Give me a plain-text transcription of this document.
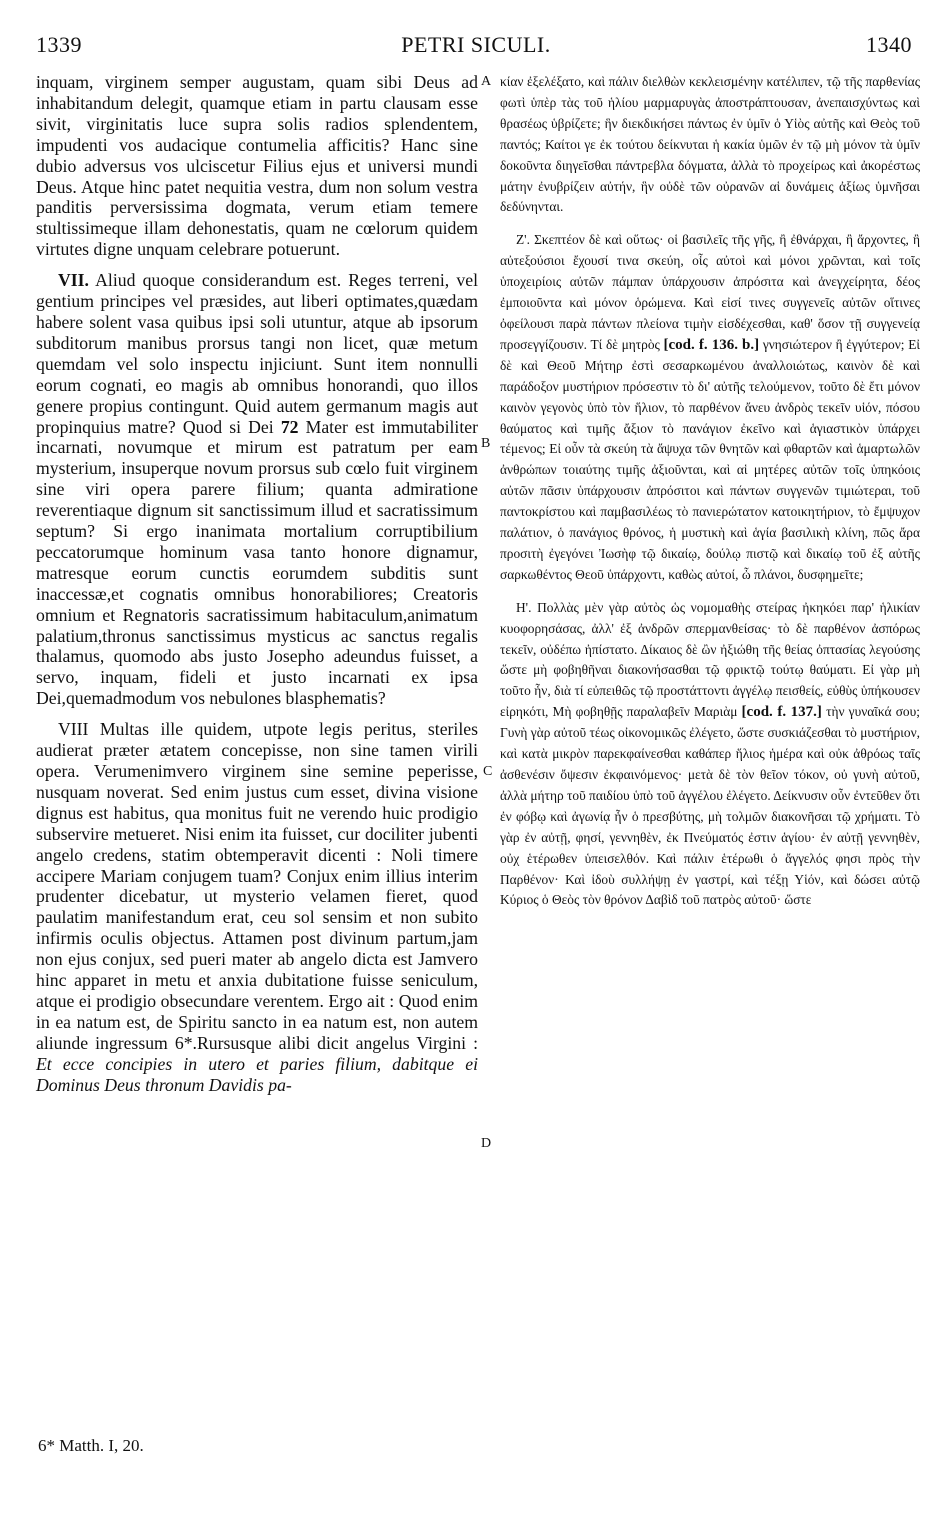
1339	PETRI SICULI.	1340

inquam, virginem semper augustam, quam sibi Deus ad inhabitandum delegit, quamque etiam in partu clausam esse sivit, virginitatis luce supra solis radios splendentem, impudenti vos audacique contumelia afficitis? Hanc sine dubio adversus vos ulciscetur Filius ejus et universi mundi Deus. Atque hinc patet nequitia vestra, dum non solum vestra panditis perversissima dogmata, verum etiam temere stultissimeque illam dehonestatis, quam ne cœlorum quidem virtutes digne unquam celebrare potuerunt.

VII. Aliud quoque considerandum est. Reges terreni, vel gentium principes vel præsides, aut liberi optimates,quædam habere solent vasa quibus ipsi soli utuntur, atque ab ipsorum subditorum manibus prorsus tangi non licet, quæ metum quemdam vel solo inspectu injiciunt. Sunt item nonnulli eorum cognati, eo magis ab omnibus honorandi, quo illos genere propius contingunt. Quid autem germanum magis aut propinquius matre? Quod si Dei 72 Mater est immutabiliter incarnati, novumque et mirum est patratum per eam mysterium, insuperque novum prorsus sub cœlo fuit virginem sine viri opera parere filium; quanta admiratione reverentiaque dignum sit sanctissimum illud et sacratissimum septum? Si ergo inanimata mortalium corruptibilium peccatorumque hominum vasa tanto honore dignamur, matresque eorum cunctis eorumdem subditis sunt inaccessæ,et cognatis omnibus honorabiliores; Creatoris omnium et Regnatoris sacratissimum habitaculum,animatum palatium,thronus sanctissimus mysticus ac sanctus regalis thalamus, quomodo abs justo Josepho adeundus fuisset, a servo, inquam, fideli et justo incarnati ex ipsa Dei,quemadmodum vos nebulones blasphematis?

VIII Multas ille quidem, utpote legis peritus, steriles audierat præter ætatem concepisse, non sine tamen virili opera. Verumenimvero virginem sine semine peperisse, nusquam noverat. Sed enim justus cum esset, divina visione dignus est habitus, qua monitus fuit ne verendo huic prodigio subservire metueret. Nisi enim ita fuisset, cur dociliter jubenti angelo credens, statim obtemperavit dicenti : Noli timere accipere Mariam conjugem tuam? Conjux enim illius interim prudenter dicebatur, ut mysterio velamen fieret, quod paulatim manifestandum erat, ceu sol sensim et non subito infirmis oculis objectus. Attamen post divinum partum,jam non ejus conjux, sed pueri mater ab angelo dicta est Jamvero hinc apparet in metu et anxia dubitatione fuisse seniculum, atque ei prodigio obsecundare verentem. Ergo ait : Quod enim in ea natum est, de Spiritu sancto in ea natum est, non autem aliunde ingressum 6*.Rursusque alibi dicit angelus Virgini : Et ecce concipies in utero et paries filium, dabitque ei Dominus Deus thronum Davidis pa-

A
B
C
D

κίαν ἐξελέξατο, καὶ πάλιν διελθὼν κεκλεισμένην κατέλιπεν, τῷ τῆς παρθενίας φωτὶ ὑπὲρ τὰς τοῦ ἡλίου μαρμαρυγὰς ἀποστράπτουσαν, ἀνεπαισχύντως καὶ θρασέως ὑβρίζετε; ἣν διεκδικήσει πάντως ἐν ὑμῖν ὁ Υἱὸς αὐτῆς καὶ Θεὸς τοῦ παντός; Καίτοι γε ἐκ τούτου δείκνυται ἡ κακία ὑμῶν ἐν τῷ μὴ μόνον τὰ ὑμῖν δοκοῦντα διηγεῖσθαι πάντρεβλα δόγματα, ἀλλὰ τὸ προχείρως καὶ ἀκορέστως μάτην ἐνυβρίζειν αὐτήν, ἣν οὐδὲ τῶν οὐρανῶν αἱ δυνάμεις ἀξίως ὑμνῆσαι δεδύνηνται.

Ζ'. Σκεπτέον δὲ καὶ οὕτως· οἱ βασιλεῖς τῆς γῆς, ἢ ἐθνάρχαι, ἢ ἄρχοντες, ἢ αὐτεξούσιοι ἔχουσί τινα σκεύη, οἷς αὐτοὶ καὶ μόνοι χρῶνται, καὶ τοῖς ὑποχειρίοις αὐτῶν πάμπαν ὑπάρχουσιν ἀπρόσιτα καὶ ἀνεγχείρητα, δέος ἐμποιοῦντα καὶ μόνον ὁρώμενα. Καὶ εἰσί τινες συγγενεῖς αὐτῶν οἵτινες ὀφείλουσι παρὰ πάντων πλείονα τιμὴν εἰσδέχεσθαι, καθ' ὅσον τῇ συγγενείᾳ προσεγγίζουσιν. Τί δὲ μητρὸς [cod. f. 136. b.] γνησιώτερον ἢ ἐγγύτερον; Εἰ δὲ καὶ Θεοῦ Μήτηρ ἐστὶ σεσαρκωμένου ἀναλλοιώτως, καινὸν δὲ καὶ παράδοξον μυστήριον πρόσεστιν τὸ δι' αὐτῆς τελούμενον, τοῦτο δὲ ἔτι μόνον καινὸν γεγονὸς ὑπὸ τὸν ἥλιον, τὸ παρθένον ἄνευ ἀνδρὸς τεκεῖν υἱόν, πόσου θαύματος καὶ τιμῆς ἄξιον τὸ πανάγιον ἐκεῖνο καὶ ἁγιαστικὸν ὑπάρχει τέμενος; Εἰ οὖν τὰ σκεύη τὰ ἄψυχα τῶν θνητῶν καὶ φθαρτῶν καὶ ἁμαρτωλῶν ἀνθρώπων τοιαύτης τιμῆς ἀξιοῦνται, καὶ αἱ μητέρες αὐτῶν τοῖς ὑπηκόοις αὐτῶν πᾶσιν ὑπάρχουσιν ἀπρόσιτοι καὶ πάντων συγγενῶν τιμιώτεραι, τοῦ παντοκρίστου καὶ παμβασιλέως τὸ πανιερώτατον κατοικητήριον, τὸ ἔμψυχον παλάτιον, ὁ πανάγιος θρόνος, ἡ μυστικὴ καὶ ἁγία βασιλικὴ κλίνη, πῶς ἄρα προσιτὴ ἐγεγόνει Ἰωσὴφ τῷ δικαίῳ, δούλῳ πιστῷ καὶ δικαίῳ τοῦ ἐξ αὐτῆς σαρκωθέντος Θεοῦ ὑπάρχοντι, καθὼς αὐτοί, ὦ πλάνοι, δυσφημεῖτε;

Η'. Πολλὰς μὲν γὰρ αὐτὸς ὡς νομομαθὴς στείρας ἠκηκόει παρ' ἡλικίαν κυοφορησάσας, ἀλλ' ἐξ ἀνδρῶν σπερμανθείσας· τὸ δὲ παρθένον ἀσπόρως τεκεῖν, οὐδέπω ἠπίστατο. Δίκαιος δὲ ὢν ἠξιώθη τῆς θείας ὀπτασίας λεγούσης ὥστε μὴ φοβηθῆναι διακονήσασθαι τῷ φρικτῷ τούτῳ θαύματι. Εἰ γὰρ μὴ τοῦτο ἦν, διὰ τί εὐπειθῶς τῷ προστάττοντι ἀγγέλῳ πεισθείς, εὐθὺς ὑπήκουσεν εἰρηκότι, Μὴ φοβηθῇς παραλαβεῖν Μαριὰμ [cod. f. 137.] τὴν γυναῖκά σου; Γυνὴ γὰρ αὐτοῦ τέως οἰκονομικῶς ἐλέγετο, ὥστε συσκιάζεσθαι τὸ μυστήριον, καὶ κατὰ μικρὸν παρεκφαίνεσθαι καθάπερ ἥλιος ἡμέρα καὶ οὐκ ἀθρόως ταῖς ἀσθενέσιν ὄψεσιν ἐκφαινόμενος· μετὰ δὲ τὸν θεῖον τόκον, οὐ γυνὴ αὐτοῦ, ἀλλὰ μήτηρ τοῦ παιδίου ὑπὸ τοῦ ἀγγέλου ἐλέγετο. Δείκνυσιν οὖν ἐντεῦθεν ὅτι ἐν φόβῳ καὶ ἀγωνίᾳ ἦν ὁ πρεσβύτης, μὴ τολμῶν διακονῆσαι τῷ χρήματι. Τὸ γὰρ ἐν αὐτῇ, φησί, γεννηθὲν, ἐκ Πνεύματός ἐστιν ἁγίου· ἐν αὐτῇ γεννηθὲν, οὐχ ἑτέρωθεν ὑπεισελθόν. Καὶ πάλιν ἑτέρωθι ὁ ἄγγελός φησι πρὸς τὴν Παρθένον· Καὶ ἰδοὺ συλλήψῃ ἐν γαστρί, καὶ τέξῃ Υἱόν, καὶ δώσει αὐτῷ Κύριος ὁ Θεὸς τὸν θρόνον Δαβὶδ τοῦ πατρὸς αὐτοῦ· ὥστε

6* Matth. I, 20.
